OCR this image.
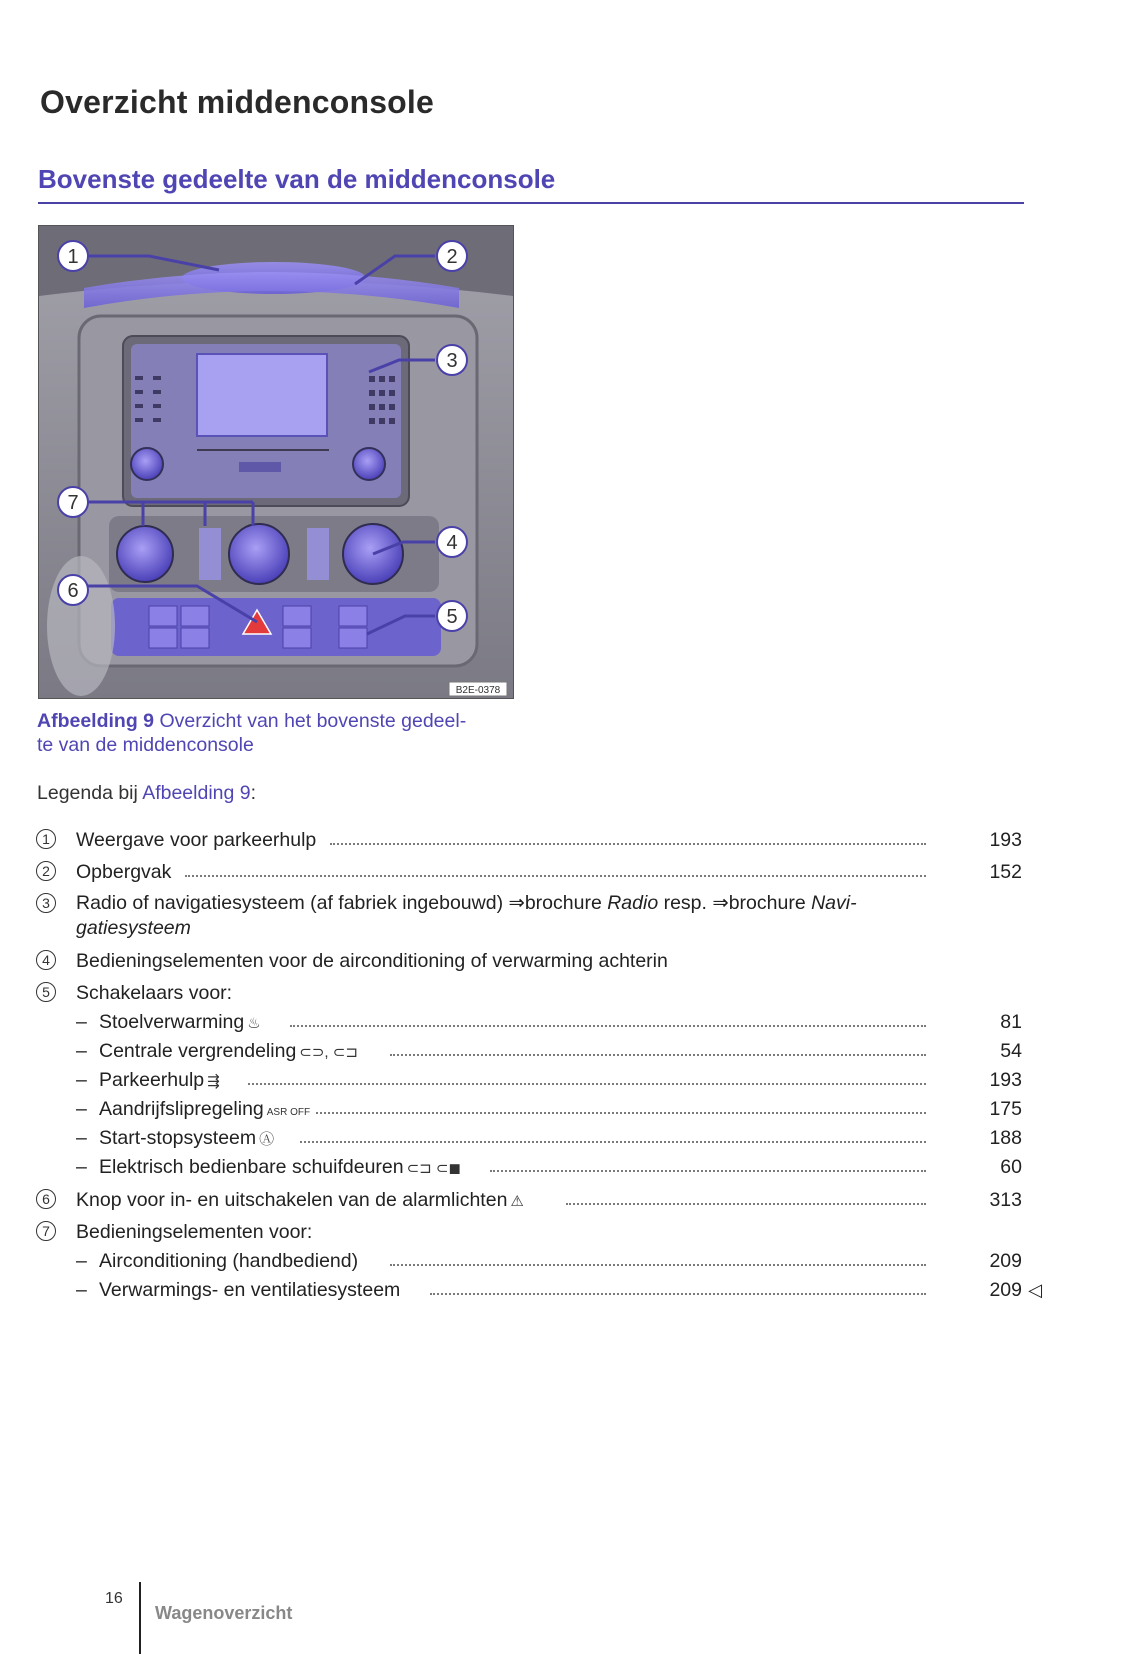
Overzicht middenconsole
Bovenste gedeelte van de middenconsole
1	2
3
4
5
6
7
B2E-0378
Afbeelding 9 Overzicht van het bovenste gedeel-
te van de middenconsole
Legenda bij Afbeelding 9:
1	Weergave voor parkeerhulp	193
2	Opbergvak	152
3	Radio of navigatiesysteem (af fabriek ingebouwd) ⇒brochure Radio resp. ⇒brochure Navi-
gatiesysteem
4	Bedieningselementen voor de airconditioning of verwarming achterin
5	Schakelaars voor:
– Stoelverwarming ♨	81
– Centrale vergrendeling ⊂⊃, ⊂⊐	54
– Parkeerhulp ⇶	193
– Aandrijfslipregeling ASR OFF	175
– Start-stopsysteem Ⓐ	188
– Elektrisch bedienbare schuifdeuren ⊂⊐ ⊂◼	60
6	Knop voor in- en uitschakelen van de alarmlichten ⚠	313
7	Bedieningselementen voor:
– Airconditioning (handbediend)	209
– Verwarmings- en ventilatiesysteem	209 ◁
16
Wagenoverzicht
